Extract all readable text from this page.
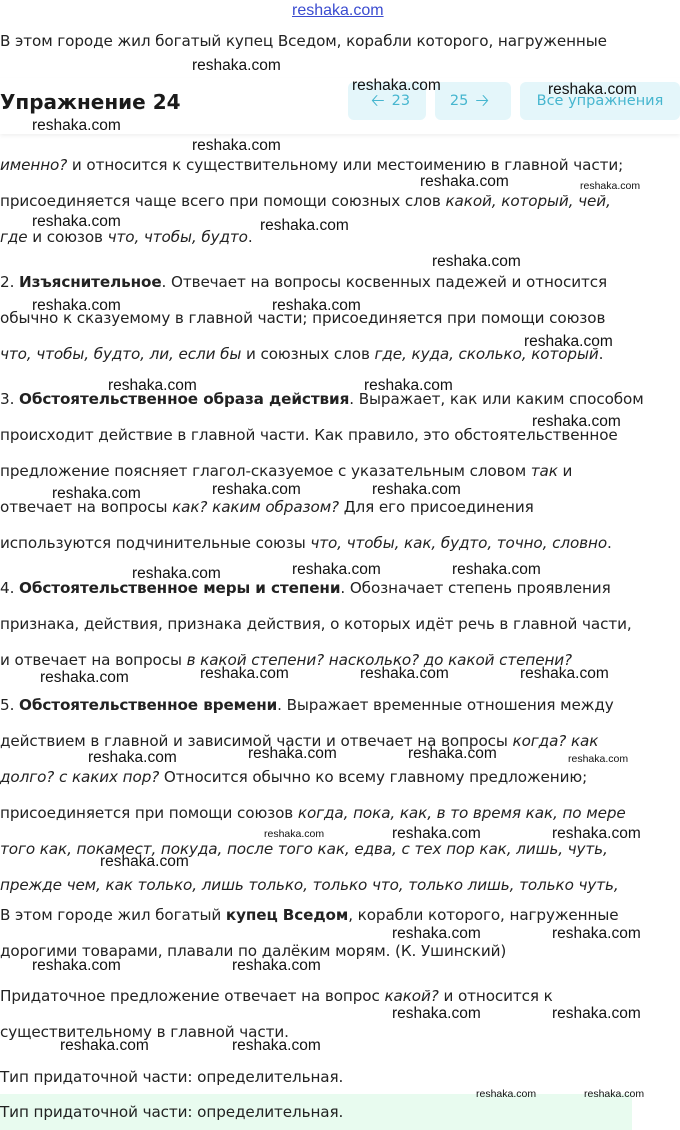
reshaka.com
В этом городе жил богатый купец Вседом, корабли которого, нагруженные
Упражнение 24	🡠 23	25 🡢	Все упражнения
именно? и относится к существительному или местоимению в главной части;
присоединяется чаще всего при помощи союзных слов какой, который, чей,
где и союзов что, чтобы, будто.
2. Изъяснительное. Отвечает на вопросы косвенных падежей и относится
обычно к сказуемому в главной части; присоединяется при помощи союзов
что, чтобы, будто, ли, если бы и союзных слов где, куда, сколько, который.
3. Обстоятельственное образа действия. Выражает, как или каким способом
происходит действие в главной части. Как правило, это обстоятельственное
предложение поясняет глагол-сказуемое с указательным словом так и
отвечает на вопросы как? каким образом? Для его присоединения
используются подчинительные союзы что, чтобы, как, будто, точно, словно.
4. Обстоятельственное меры и степени. Обозначает степень проявления
признака, действия, признака действия, о которых идёт речь в главной части,
и отвечает на вопросы в какой степени? насколько? до какой степени?
5. Обстоятельственное времени. Выражает временные отношения между
действием в главной и зависимой части и отвечает на вопросы когда? как
долго? с каких пор? Относится обычно ко всему главному предложению;
присоединяется при помощи союзов когда, пока, как, в то время как, по мере
того как, покамест, покуда, после того как, едва, с тех пор как, лишь, чуть,
прежде чем, как только, лишь только, только что, только лишь, только чуть,
В этом городе жил богатый купец Вседом, корабли которого, нагруженные
дорогими товарами, плавали по далёким морям. (К. Ушинский)
Придаточное предложение отвечает на вопрос какой? и относится к
существительному в главной части.
Тип придаточной части: определительная.
Тип придаточной части: определительная.
reshaka.com
reshaka.com	reshaka.com
reshaka.com
reshaka.com
reshaka.com	reshaka.com
reshaka.com	reshaka.com
reshaka.com
reshaka.com	reshaka.com
reshaka.com
reshaka.com	reshaka.com
reshaka.com
reshaka.com	reshaka.com	reshaka.com
reshaka.com	reshaka.com	reshaka.com
reshaka.com	reshaka.com	reshaka.com	reshaka.com
reshaka.com	reshaka.com	reshaka.com	reshaka.com
reshaka.com	reshaka.com	reshaka.com
reshaka.com
reshaka.com	reshaka.com
reshaka.com	reshaka.com
reshaka.com	reshaka.com
reshaka.com	reshaka.com
reshaka.com	reshaka.com
